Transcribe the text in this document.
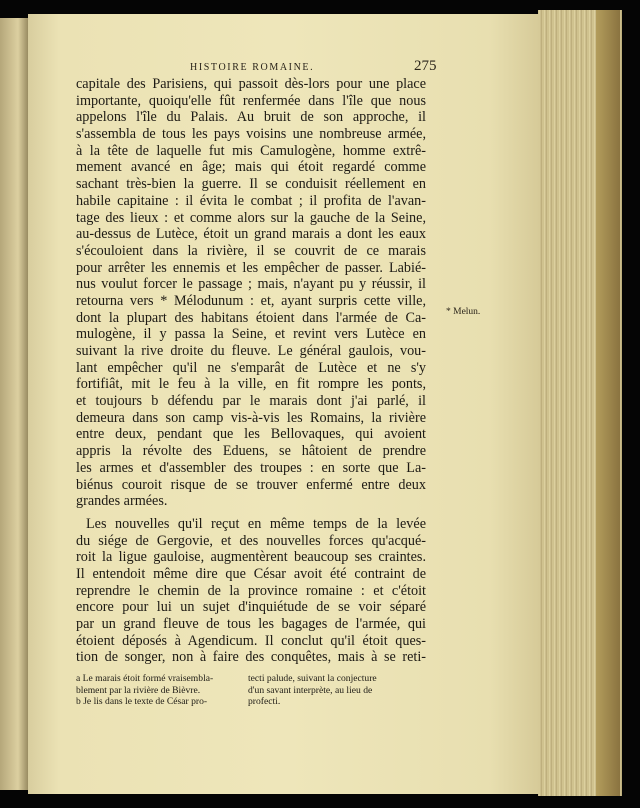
HISTOIRE ROMAINE.	275
capitale des Parisiens, qui passoit dès-lors pour une place
importante, quoiqu'elle fût renfermée dans l'île que nous
appelons l'île du Palais. Au bruit de son approche, il
s'assembla de tous les pays voisins une nombreuse armée,
à la tête de laquelle fut mis Camulogène, homme extrê-
mement avancé en âge; mais qui étoit regardé comme
sachant très-bien la guerre. Il se conduisit réellement en
habile capitaine : il évita le combat ; il profita de l'avan-
tage des lieux : et comme alors sur la gauche de la Seine,
au-dessus de Lutèce, étoit un grand marais a dont les eaux
s'écouloient dans la rivière, il se couvrit de ce marais
pour arrêter les ennemis et les empêcher de passer. Labié-
nus voulut forcer le passage ; mais, n'ayant pu y réussir, il
retourna vers * Mélodunum : et, ayant surpris cette ville,
dont la plupart des habitans étoient dans l'armée de Ca-
mulogène, il y passa la Seine, et revint vers Lutèce en
suivant la rive droite du fleuve. Le général gaulois, vou-
lant empêcher qu'il ne s'emparât de Lutèce et ne s'y
fortifiât, mit le feu à la ville, en fit rompre les ponts,
et toujours b défendu par le marais dont j'ai parlé, il
demeura dans son camp vis-à-vis les Romains, la rivière
entre deux, pendant que les Bellovaques, qui avoient
appris la révolte des Eduens, se hâtoient de prendre
les armes et d'assembler des troupes : en sorte que La-
biénus couroit risque de se trouver enfermé entre deux
grandes armées.
Les nouvelles qu'il reçut en même temps de la levée
du siége de Gergovie, et des nouvelles forces qu'acqué-
roit la ligue gauloise, augmentèrent beaucoup ses craintes.
Il entendoit même dire que César avoit été contraint de
reprendre le chemin de la province romaine : et c'étoit
encore pour lui un sujet d'inquiétude de se voir séparé
par un grand fleuve de tous les bagages de l'armée, qui
étoient déposés à Agendicum. Il conclut qu'il étoit ques-
tion de songer, non à faire des conquêtes, mais à se reti-
* Melun.
a Le marais étoit formé vraisembla-
blement par la rivière de Bièvre.
b Je lis dans le texte de César pro-
tecti palude, suivant la conjecture
d'un savant interprète, au lieu de
profecti.
